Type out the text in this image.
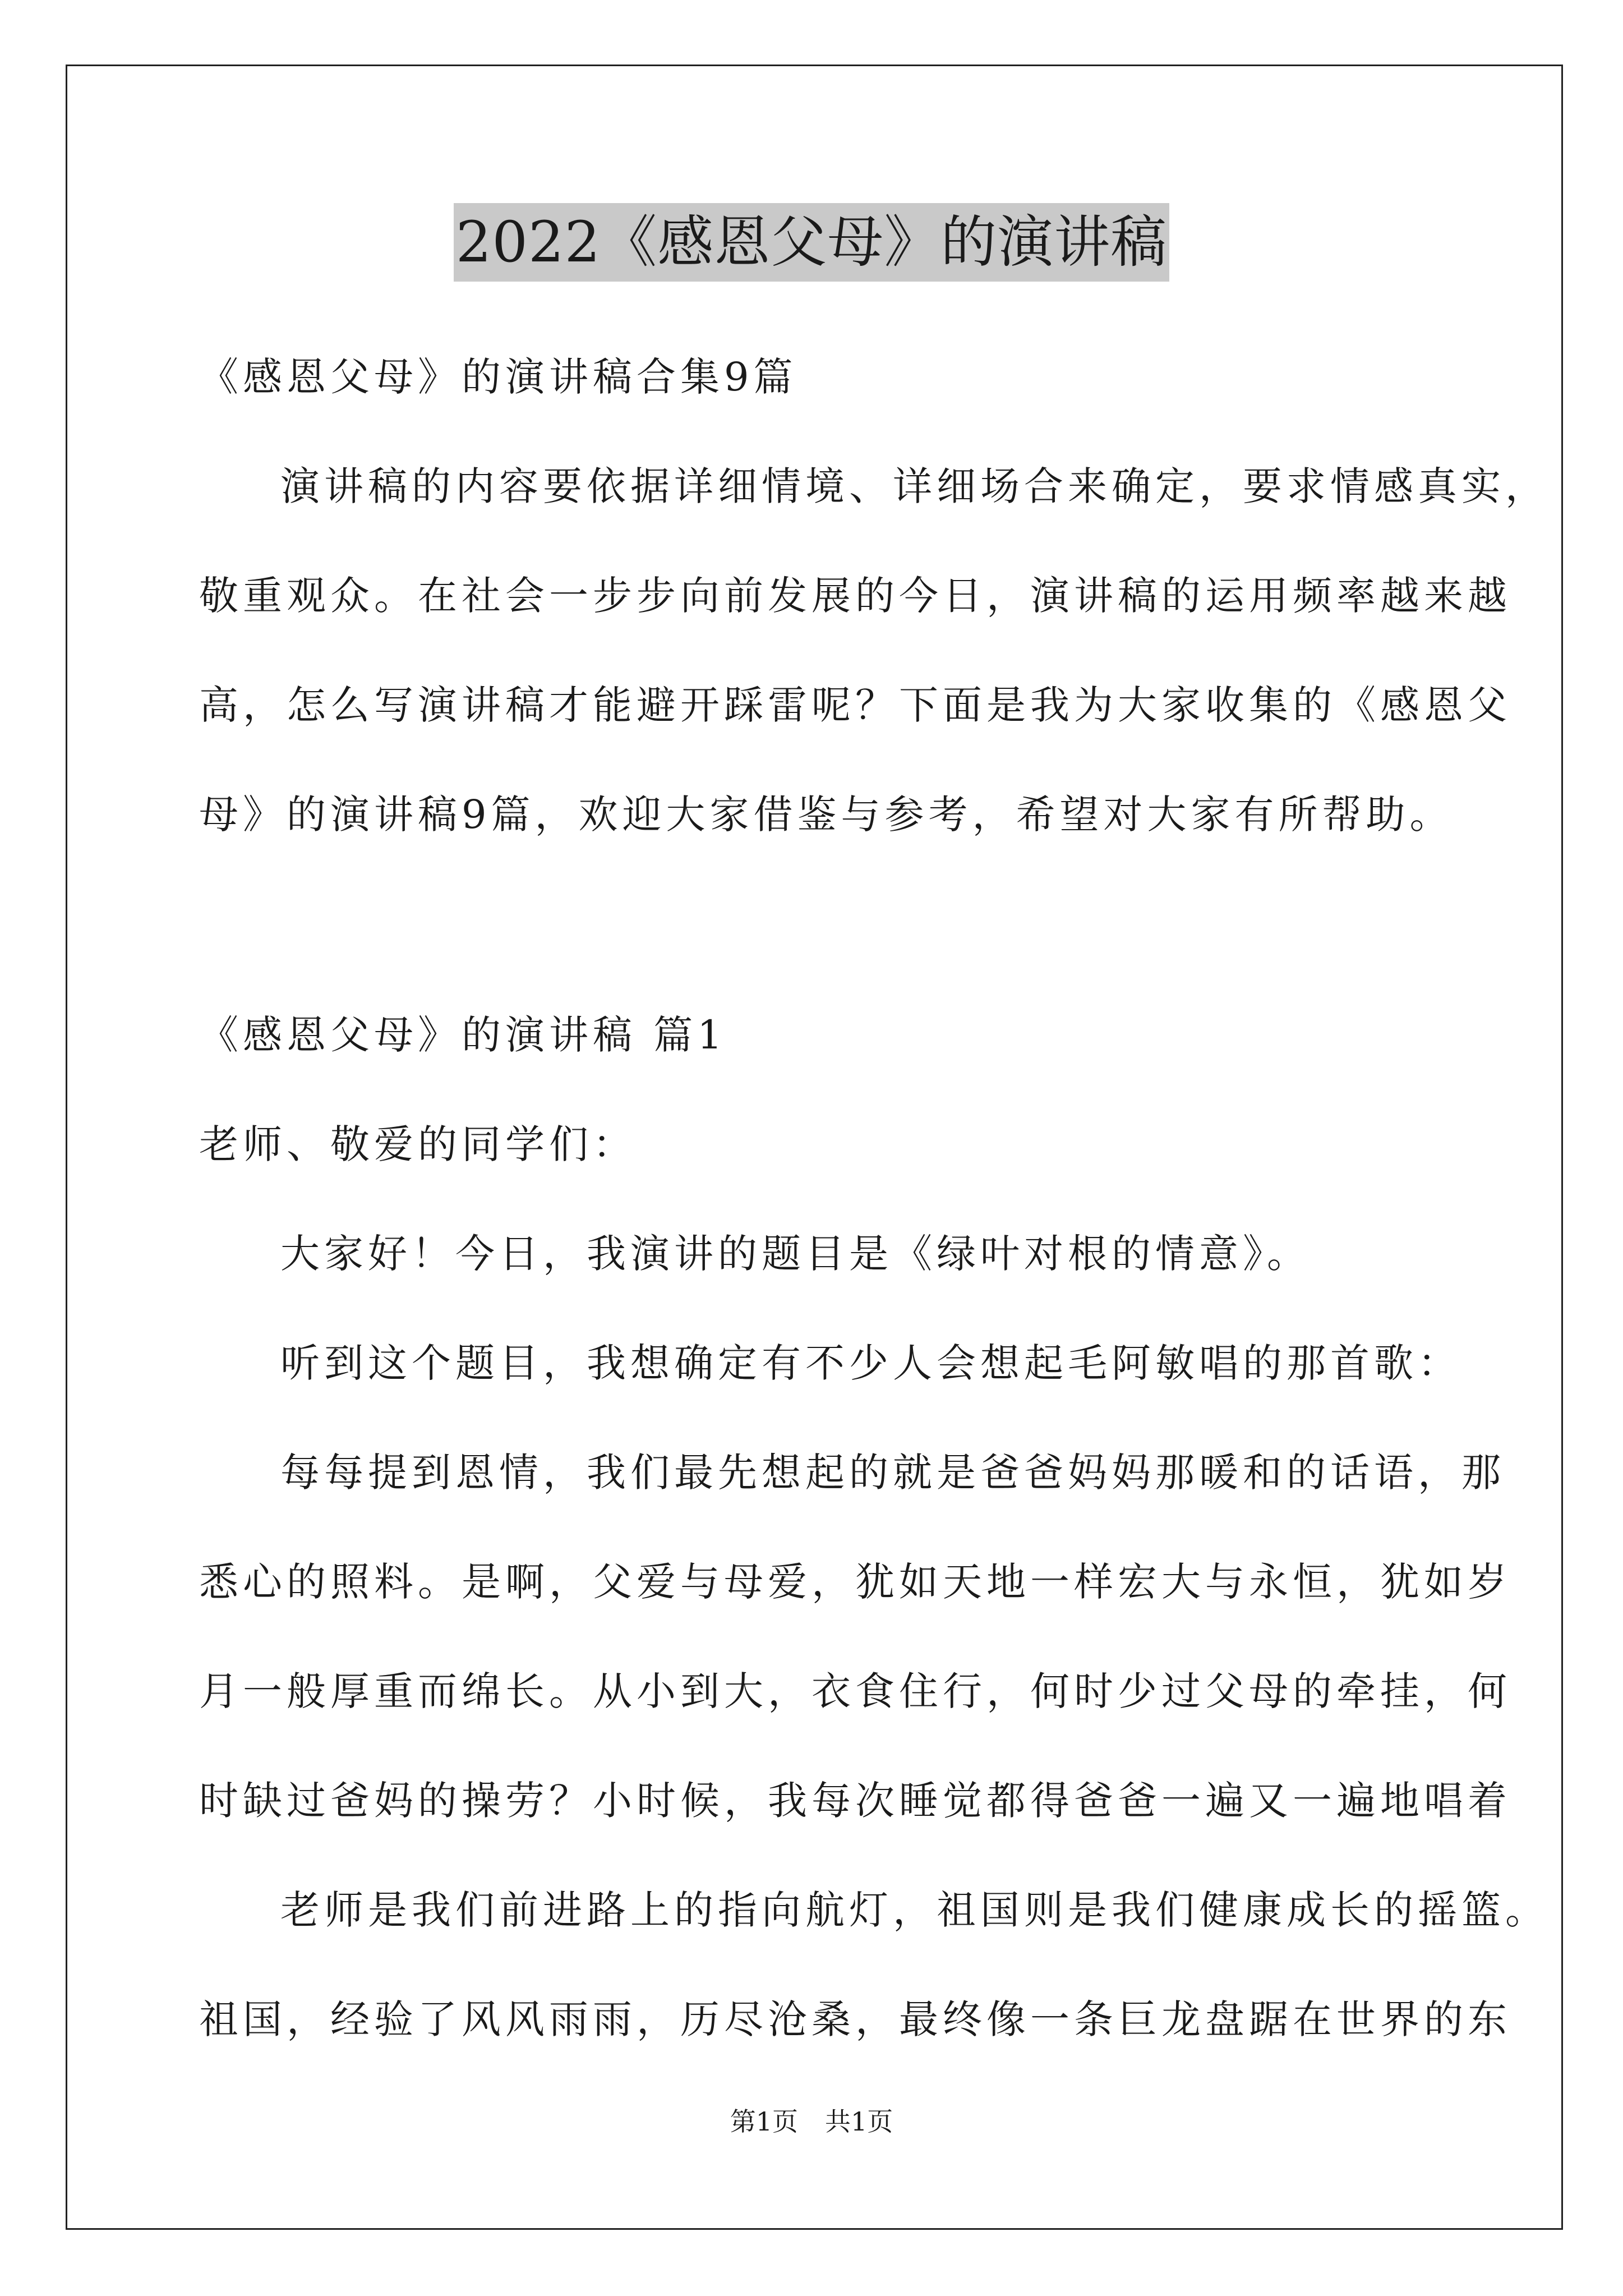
2022《感恩父母》的演讲稿
《感恩父母》的演讲稿合集9篇
演讲稿的内容要依据详细情境、详细场合来确定，要求情感真实，
敬重观众。在社会一步步向前发展的今日，演讲稿的运用频率越来越
高，怎么写演讲稿才能避开踩雷呢？下面是我为大家收集的《感恩父
母》的演讲稿9篇，欢迎大家借鉴与参考，希望对大家有所帮助。
《感恩父母》的演讲稿 篇1
老师、敬爱的同学们：
大家好！今日，我演讲的题目是《绿叶对根的情意》。
听到这个题目，我想确定有不少人会想起毛阿敏唱的那首歌：
每每提到恩情，我们最先想起的就是爸爸妈妈那暖和的话语，那
悉心的照料。是啊，父爱与母爱，犹如天地一样宏大与永恒，犹如岁
月一般厚重而绵长。从小到大，衣食住行，何时少过父母的牵挂，何
时缺过爸妈的操劳？小时候，我每次睡觉都得爸爸一遍又一遍地唱着
老师是我们前进路上的指向航灯，祖国则是我们健康成长的摇篮。
祖国，经验了风风雨雨，历尽沧桑，最终像一条巨龙盘踞在世界的东
第1页 共1页
